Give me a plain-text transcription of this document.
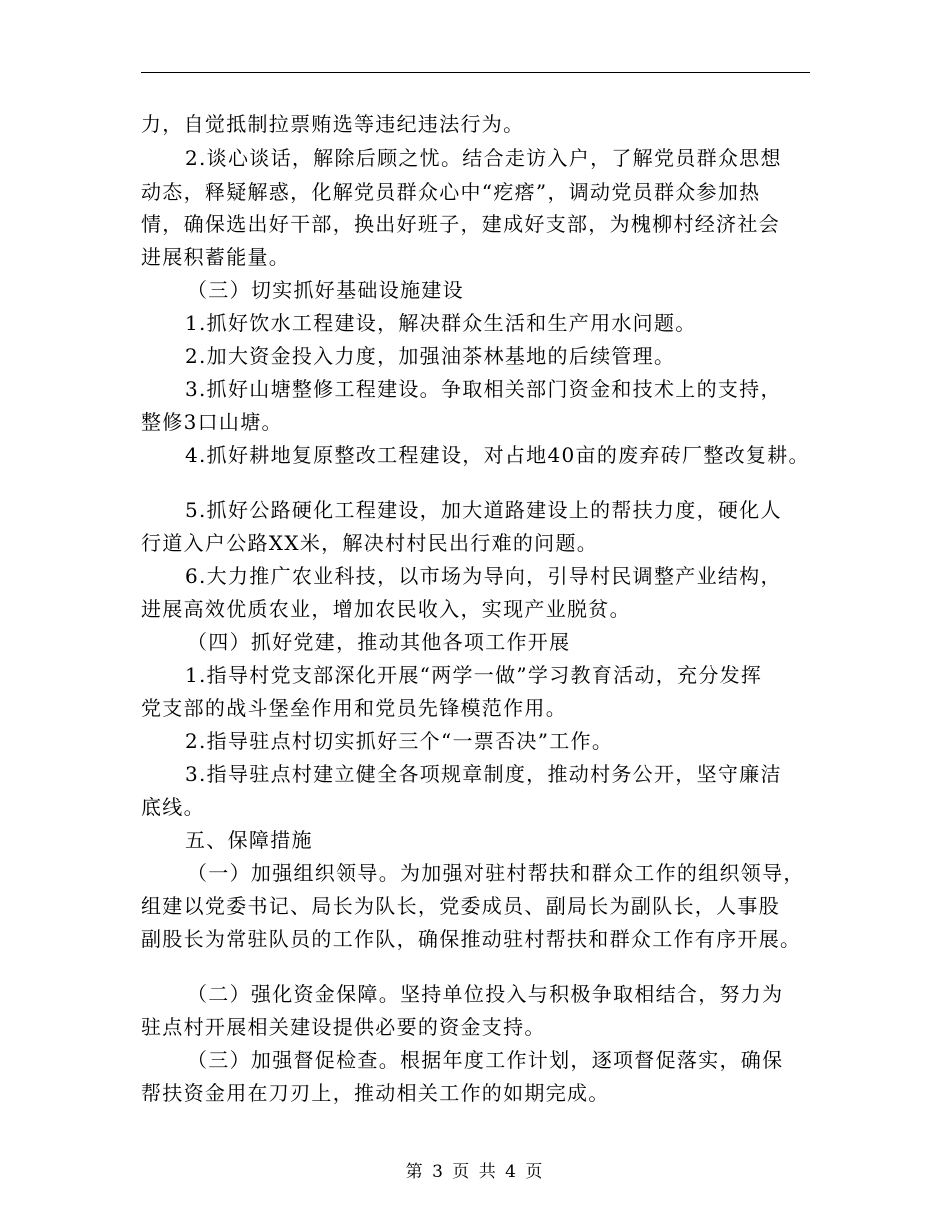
力，自觉抵制拉票贿选等违纪违法行为。
2.谈心谈话，解除后顾之忧。结合走访入户，了解党员群众思想
动态，释疑解惑，化解党员群众心中“疙瘩”，调动党员群众参加热
情，确保选出好干部，换出好班子，建成好支部，为槐柳村经济社会
进展积蓄能量。
（三）切实抓好基础设施建设
1.抓好饮水工程建设，解决群众生活和生产用水问题。
2.加大资金投入力度，加强油茶林基地的后续管理。
3.抓好山塘整修工程建设。争取相关部门资金和技术上的支持，
整修3口山塘。
4.抓好耕地复原整改工程建设，对占地40亩的废弃砖厂整改复耕。
5.抓好公路硬化工程建设，加大道路建设上的帮扶力度，硬化人
行道入户公路XX米，解决村村民出行难的问题。
6.大力推广农业科技，以市场为导向，引导村民调整产业结构，
进展高效优质农业，增加农民收入，实现产业脱贫。
（四）抓好党建，推动其他各项工作开展
1.指导村党支部深化开展“两学一做”学习教育活动，充分发挥
党支部的战斗堡垒作用和党员先锋模范作用。
2.指导驻点村切实抓好三个“一票否决”工作。
3.指导驻点村建立健全各项规章制度，推动村务公开，坚守廉洁
底线。
五、保障措施
（一）加强组织领导。为加强对驻村帮扶和群众工作的组织领导，
组建以党委书记、局长为队长，党委成员、副局长为副队长，人事股
副股长为常驻队员的工作队，确保推动驻村帮扶和群众工作有序开展。
（二）强化资金保障。坚持单位投入与积极争取相结合，努力为
驻点村开展相关建设提供必要的资金支持。
（三）加强督促检查。根据年度工作计划，逐项督促落实，确保
帮扶资金用在刀刃上，推动相关工作的如期完成。
第 3 页 共 4 页
